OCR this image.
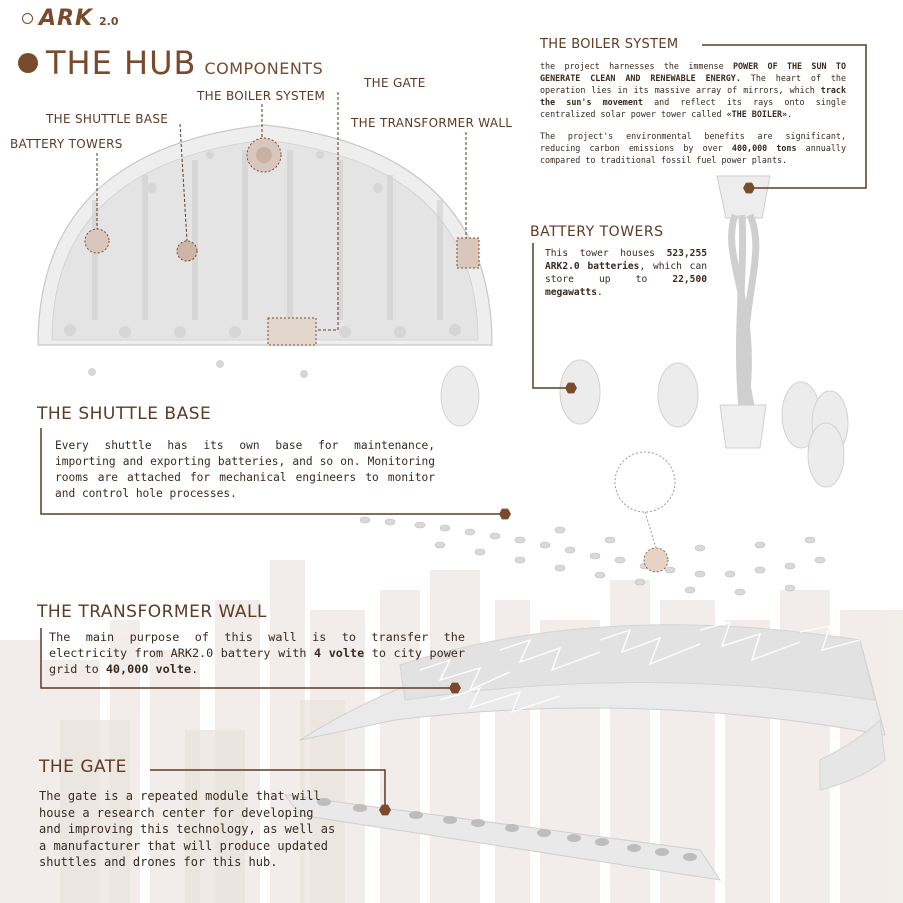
ARK 2.0
THE HUB COMPONENTS
THE GATE
THE BOILER SYSTEM
THE SHUTTLE BASE	THE TRANSFORMER WALL
BATTERY TOWERS
THE BOILER SYSTEM
the project harnesses the immense POWER OF THE SUN TO GENERATE CLEAN AND RENEWABLE ENERGY. The heart of the operation lies in its massive array of mirrors, which track the sun's movement and reflect its rays onto single centralized solar power tower called «THE BOILER».
The project's environmental benefits are significant, reducing carbon emissions by over 400,000 tons annually compared to traditional fossil fuel power plants.
BATTERY TOWERS
This tower houses 523,255 ARK2.0 batteries, which can store up to 22,500 megawatts.
THE SHUTTLE BASE
Every shuttle has its own base for maintenance, importing and exporting batteries, and so on. Monitoring rooms are attached for mechanical engineers to monitor and control hole processes.
THE TRANSFORMER WALL
The main purpose of this wall is to transfer the electricity from ARK2.0 battery with 4 volte to city power grid to 40,000 volte.
THE GATE
The gate is a repeated module that will house a research center for developing and improving this technology, as well as a manufacturer that will produce updated shuttles and drones for this hub.
